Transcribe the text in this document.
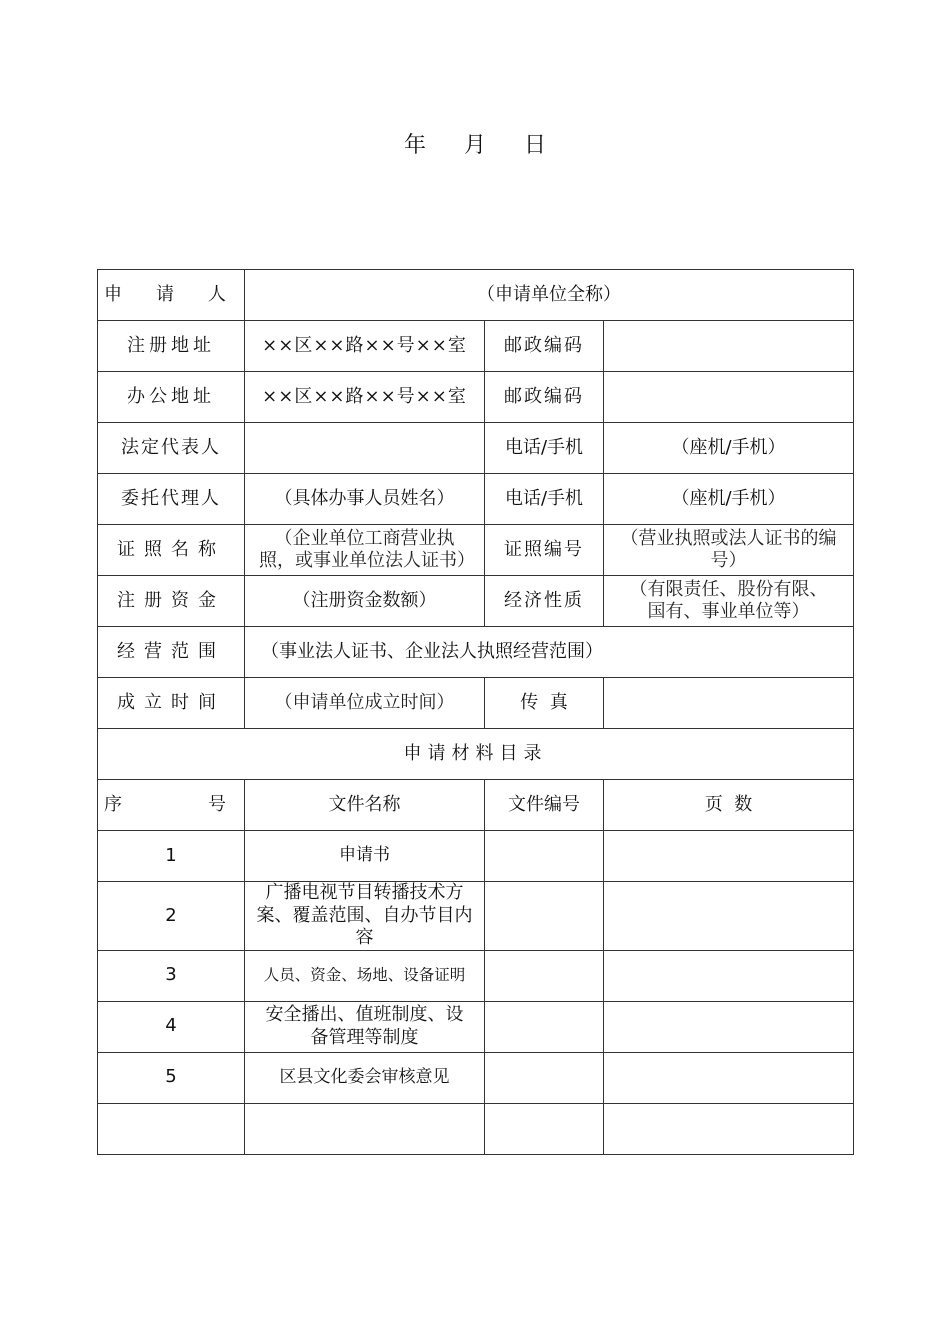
年 月 日
申 请 人	（申请单位全称）		
注册地址	××区××路××号××室	邮政编码	
办公地址	××区××路××号××室	邮政编码	
法定代表人		电话/手机	（座机/手机）
委托代理人	（具体办事人员姓名）	电话/手机	（座机/手机）
证照名称	（企业单位工商营业执照，或事业单位法人证书）	证照编号	（营业执照或法人证书的编号）
注册资金	（注册资金数额）	经济性质	（有限责任、股份有限、国有、事业单位等）
经营范围	（事业法人证书、企业法人执照经营范围）		
成立时间	（申请单位成立时间）	传  真	
申请材料目录			

序 号	文件名称	文件编号	页  数
1	申请书		
2	广播电视节目转播技术方案、覆盖范围、自办节目内容		
3	人员、资金、场地、设备证明		
4	安全播出、值班制度、设备管理等制度		
5	区县文化委会审核意见		
